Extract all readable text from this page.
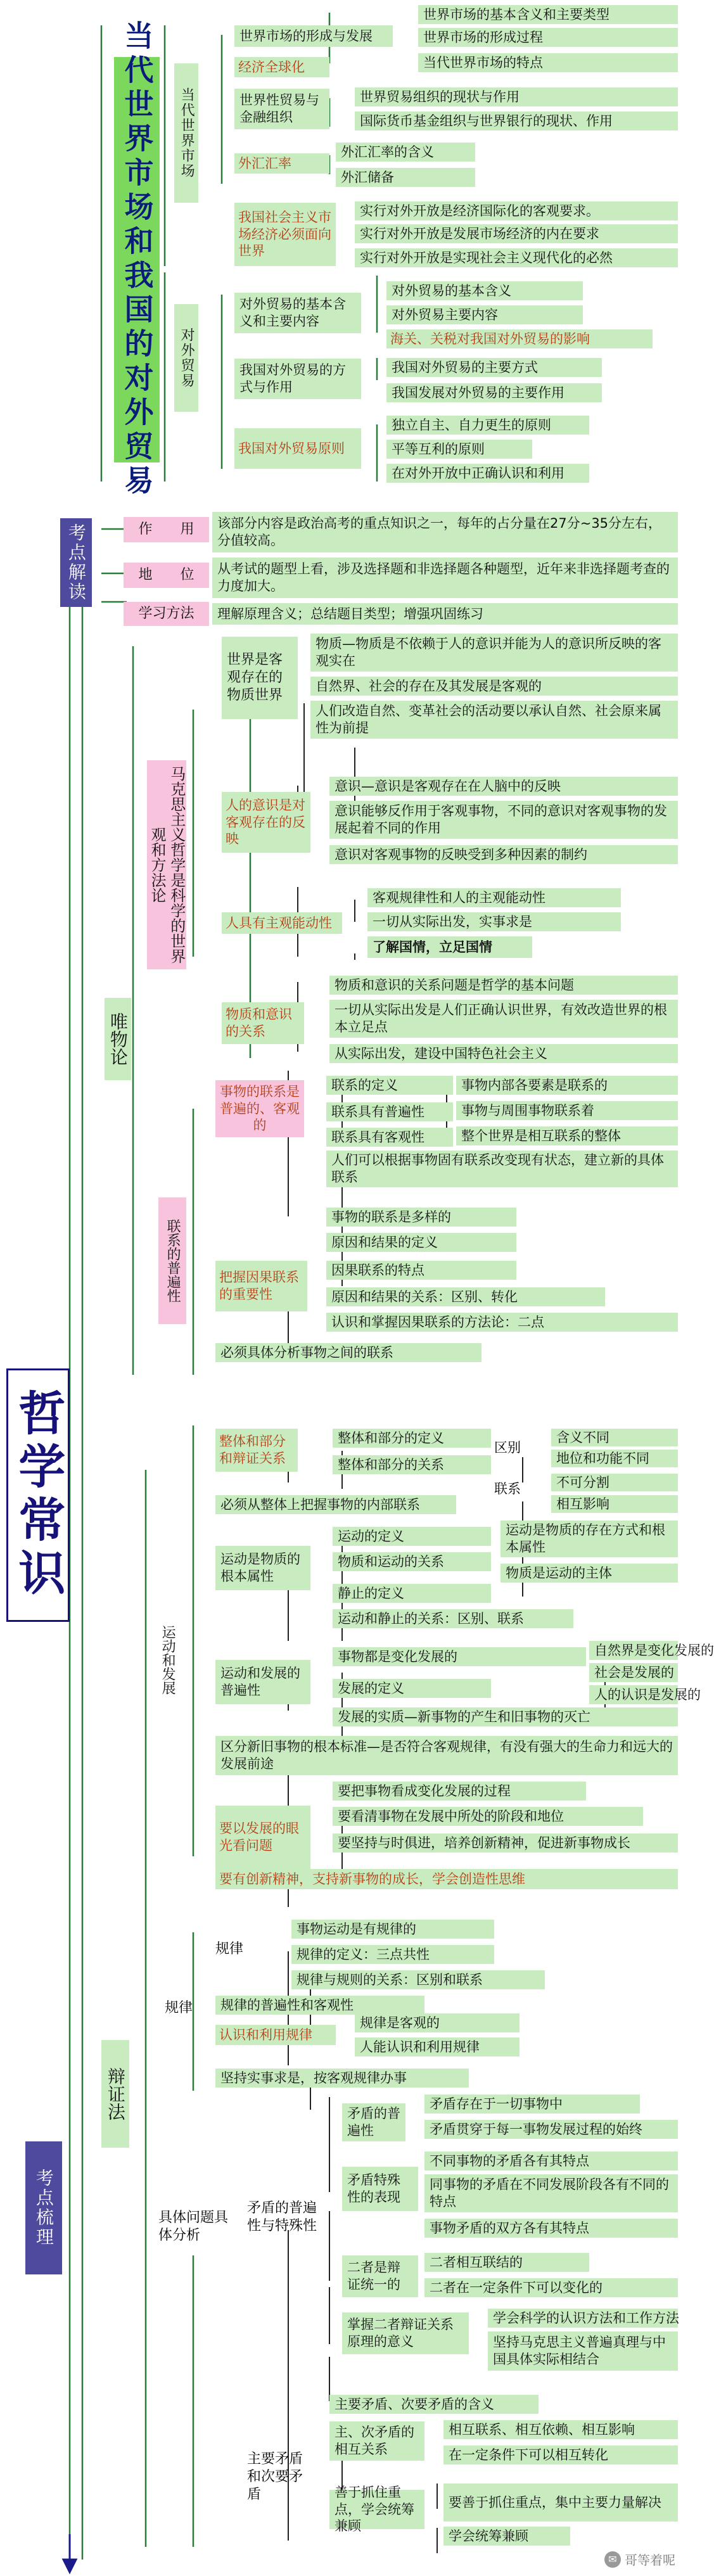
当代世界市场和我国的对外贸易	当代世界市场
对外贸易
世界市场的形成与发展
世界市场的基本含义和主要类型
世界市场的形成过程
当代世界市场的特点
经济全球化
世界性贸易与金融组织
世界贸易组织的现状与作用
国际货币基金组织与世界银行的现状、作用
外汇汇率
外汇汇率的含义
外汇储备
我国社会主义市场经济必须面向世界
实行对外开放是经济国际化的客观要求。
实行对外开放是发展市场经济的内在要求
实行对外开放是实现社会主义现代化的必然
对外贸易的基本含义和主要内容
对外贸易的基本含义
对外贸易主要内容
海关、关税对我国对外贸易的影响
我国对外贸易的方式与作用
我国对外贸易的主要方式
我国发展对外贸易的主要作用
我国对外贸易原则
独立自主、自力更生的原则
平等互利的原则
在对外开放中正确认识和利用
考点解读	作　　用	该部分内容是政治高考的重点知识之一，每年的占分量在27分~35分左右，分值较高。
地　　位	从考试的题型上看，涉及选择题和非选择题各种题型，近年来非选择题考查的力度加大。
学习方法	理解原理含义；总结题目类型；增强巩固练习
哲学常识
考点梳理
唯物论
马克思主义哲学是科学的世界观和方法论
世界是客观存在的物质世界
物质—物质是不依赖于人的意识并能为人的意识所反映的客观实在
自然界、社会的存在及其发展是客观的
人们改造自然、变革社会的活动要以承认自然、社会原来属性为前提
人的意识是对客观存在的反映
意识—意识是客观存在在人脑中的反映
意识能够反作用于客观事物，不同的意识对客观事物的发展起着不同的作用
意识对客观事物的反映受到多种因素的制约
人具有主观能动性
客观规律性和人的主观能动性
一切从实际出发，实事求是
了解国情，立足国情
物质和意识的关系
物质和意识的关系问题是哲学的基本问题
一切从实际出发是人们正确认识世界，有效改造世界的根本立足点
从实际出发，建设中国特色社会主义
联系的普遍性
事物的联系是普遍的、客观的
联系的定义
联系具有普遍性
联系具有客观性
事物内部各要素是联系的
事物与周围事物联系着
整个世界是相互联系的整体
人们可以根据事物固有联系改变现有状态，建立新的具体联系
把握因果联系的重要性
事物的联系是多样的
原因和结果的定义
因果联系的特点
原因和结果的关系：区别、转化
认识和掌握因果联系的方法论：二点
必须具体分析事物之间的联系
辩证法
运动和发展
整体和部分和辩证关系
整体和部分的定义
整体和部分的关系
区别
联系
含义不同
地位和功能不同
不可分割
相互影响
必须从整体上把握事物的内部联系
运动是物质的根本属性
运动的定义
物质和运动的关系
静止的定义
运动和静止的关系：区别、联系
运动是物质的存在方式和根本属性
物质是运动的主体
运动和发展的普遍性
事物都是变化发展的
发展的定义
发展的实质—新事物的产生和旧事物的灭亡
自然界是变化发展的
社会是发展的
人的认识是发展的
区分新旧事物的根本标准—是否符合客观规律，有没有强大的生命力和远大的发展前途
要以发展的眼光看问题
要把事物看成变化发展的过程
要看清事物在发展中所处的阶段和地位
要坚持与时俱进，培养创新精神，促进新事物成长
要有创新精神，支持新事物的成长，学会创造性思维
规律
规律
事物运动是有规律的
规律的定义：三点共性
规律与规则的关系：区别和联系
规律的普遍性和客观性
认识和利用规律
规律是客观的
人能认识和利用规律
坚持实事求是，按客观规律办事
具体问题具体分析
矛盾的普遍性与特殊性
矛盾的普遍性
矛盾存在于一切事物中
矛盾贯穿于每一事物发展过程的始终
矛盾特殊性的表现
不同事物的矛盾各有其特点
同事物的矛盾在不同发展阶段各有不同的特点
事物矛盾的双方各有其特点
二者是辩证统一的
二者相互联结的
二者在一定条件下可以变化的
掌握二者辩证关系原理的意义
学会科学的认识方法和工作方法
坚持马克思主义普遍真理与中国具体实际相结合
主要矛盾和次要矛盾
主要矛盾、次要矛盾的含义
主、次矛盾的相互关系
相互联系、相互依赖、相互影响
在一定条件下可以相互转化
善于抓住重点，学会统筹兼顾
要善于抓住重点，集中主要力量解决
学会统筹兼顾
✉ 哥等着呢
